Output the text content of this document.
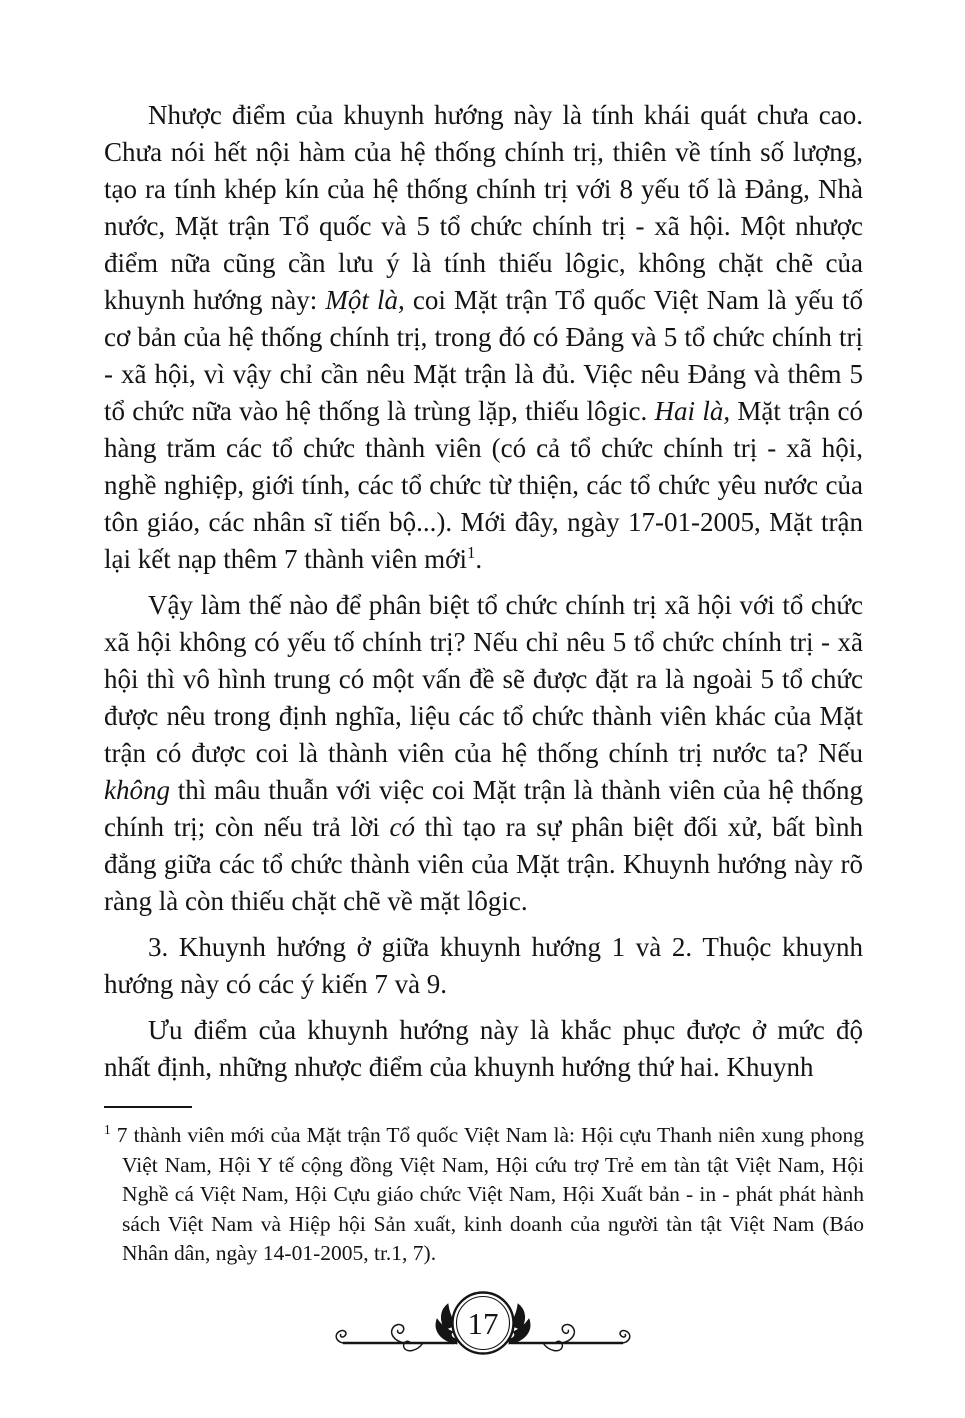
Nhược điểm của khuynh hướng này là tính khái quát chưa cao. Chưa nói hết nội hàm của hệ thống chính trị, thiên về tính số lượng, tạo ra tính khép kín của hệ thống chính trị với 8 yếu tố là Đảng, Nhà nước, Mặt trận Tổ quốc và 5 tổ chức chính trị - xã hội. Một nhược điểm nữa cũng cần lưu ý là tính thiếu lôgic, không chặt chẽ của khuynh hướng này: Một là, coi Mặt trận Tổ quốc Việt Nam là yếu tố cơ bản của hệ thống chính trị, trong đó có Đảng và 5 tổ chức chính trị - xã hội, vì vậy chỉ cần nêu Mặt trận là đủ. Việc nêu Đảng và thêm 5 tổ chức nữa vào hệ thống là trùng lặp, thiếu lôgic. Hai là, Mặt trận có hàng trăm các tổ chức thành viên (có cả tổ chức chính trị - xã hội, nghề nghiệp, giới tính, các tổ chức từ thiện, các tổ chức yêu nước của tôn giáo, các nhân sĩ tiến bộ...). Mới đây, ngày 17-01-2005, Mặt trận lại kết nạp thêm 7 thành viên mới$^1$.

Vậy làm thế nào để phân biệt tổ chức chính trị xã hội với tổ chức xã hội không có yếu tố chính trị? Nếu chỉ nêu 5 tổ chức chính trị - xã hội thì vô hình trung có một vấn đề sẽ được đặt ra là ngoài 5 tổ chức được nêu trong định nghĩa, liệu các tổ chức thành viên khác của Mặt trận có được coi là thành viên của hệ thống chính trị nước ta? Nếu không thì mâu thuẫn với việc coi Mặt trận là thành viên của hệ thống chính trị; còn nếu trả lời có thì tạo ra sự phân biệt đối xử, bất bình đẳng giữa các tổ chức thành viên của Mặt trận. Khuynh hướng này rõ ràng là còn thiếu chặt chẽ về mặt lôgic.

3. Khuynh hướng ở giữa khuynh hướng 1 và 2. Thuộc khuynh hướng này có các ý kiến 7 và 9.

Ưu điểm của khuynh hướng này là khắc phục được ở mức độ nhất định, những nhược điểm của khuynh hướng thứ hai. Khuynh

$^1$ 7 thành viên mới của Mặt trận Tổ quốc Việt Nam là: Hội cựu Thanh niên xung phong Việt Nam, Hội Y tế cộng đồng Việt Nam, Hội cứu trợ Trẻ em tàn tật Việt Nam, Hội Nghề cá Việt Nam, Hội Cựu giáo chức Việt Nam, Hội Xuất bản - in - phát phát hành sách Việt Nam và Hiệp hội Sản xuất, kinh doanh của người tàn tật Việt Nam (Báo Nhân dân, ngày 14-01-2005, tr.1, 7).

17
